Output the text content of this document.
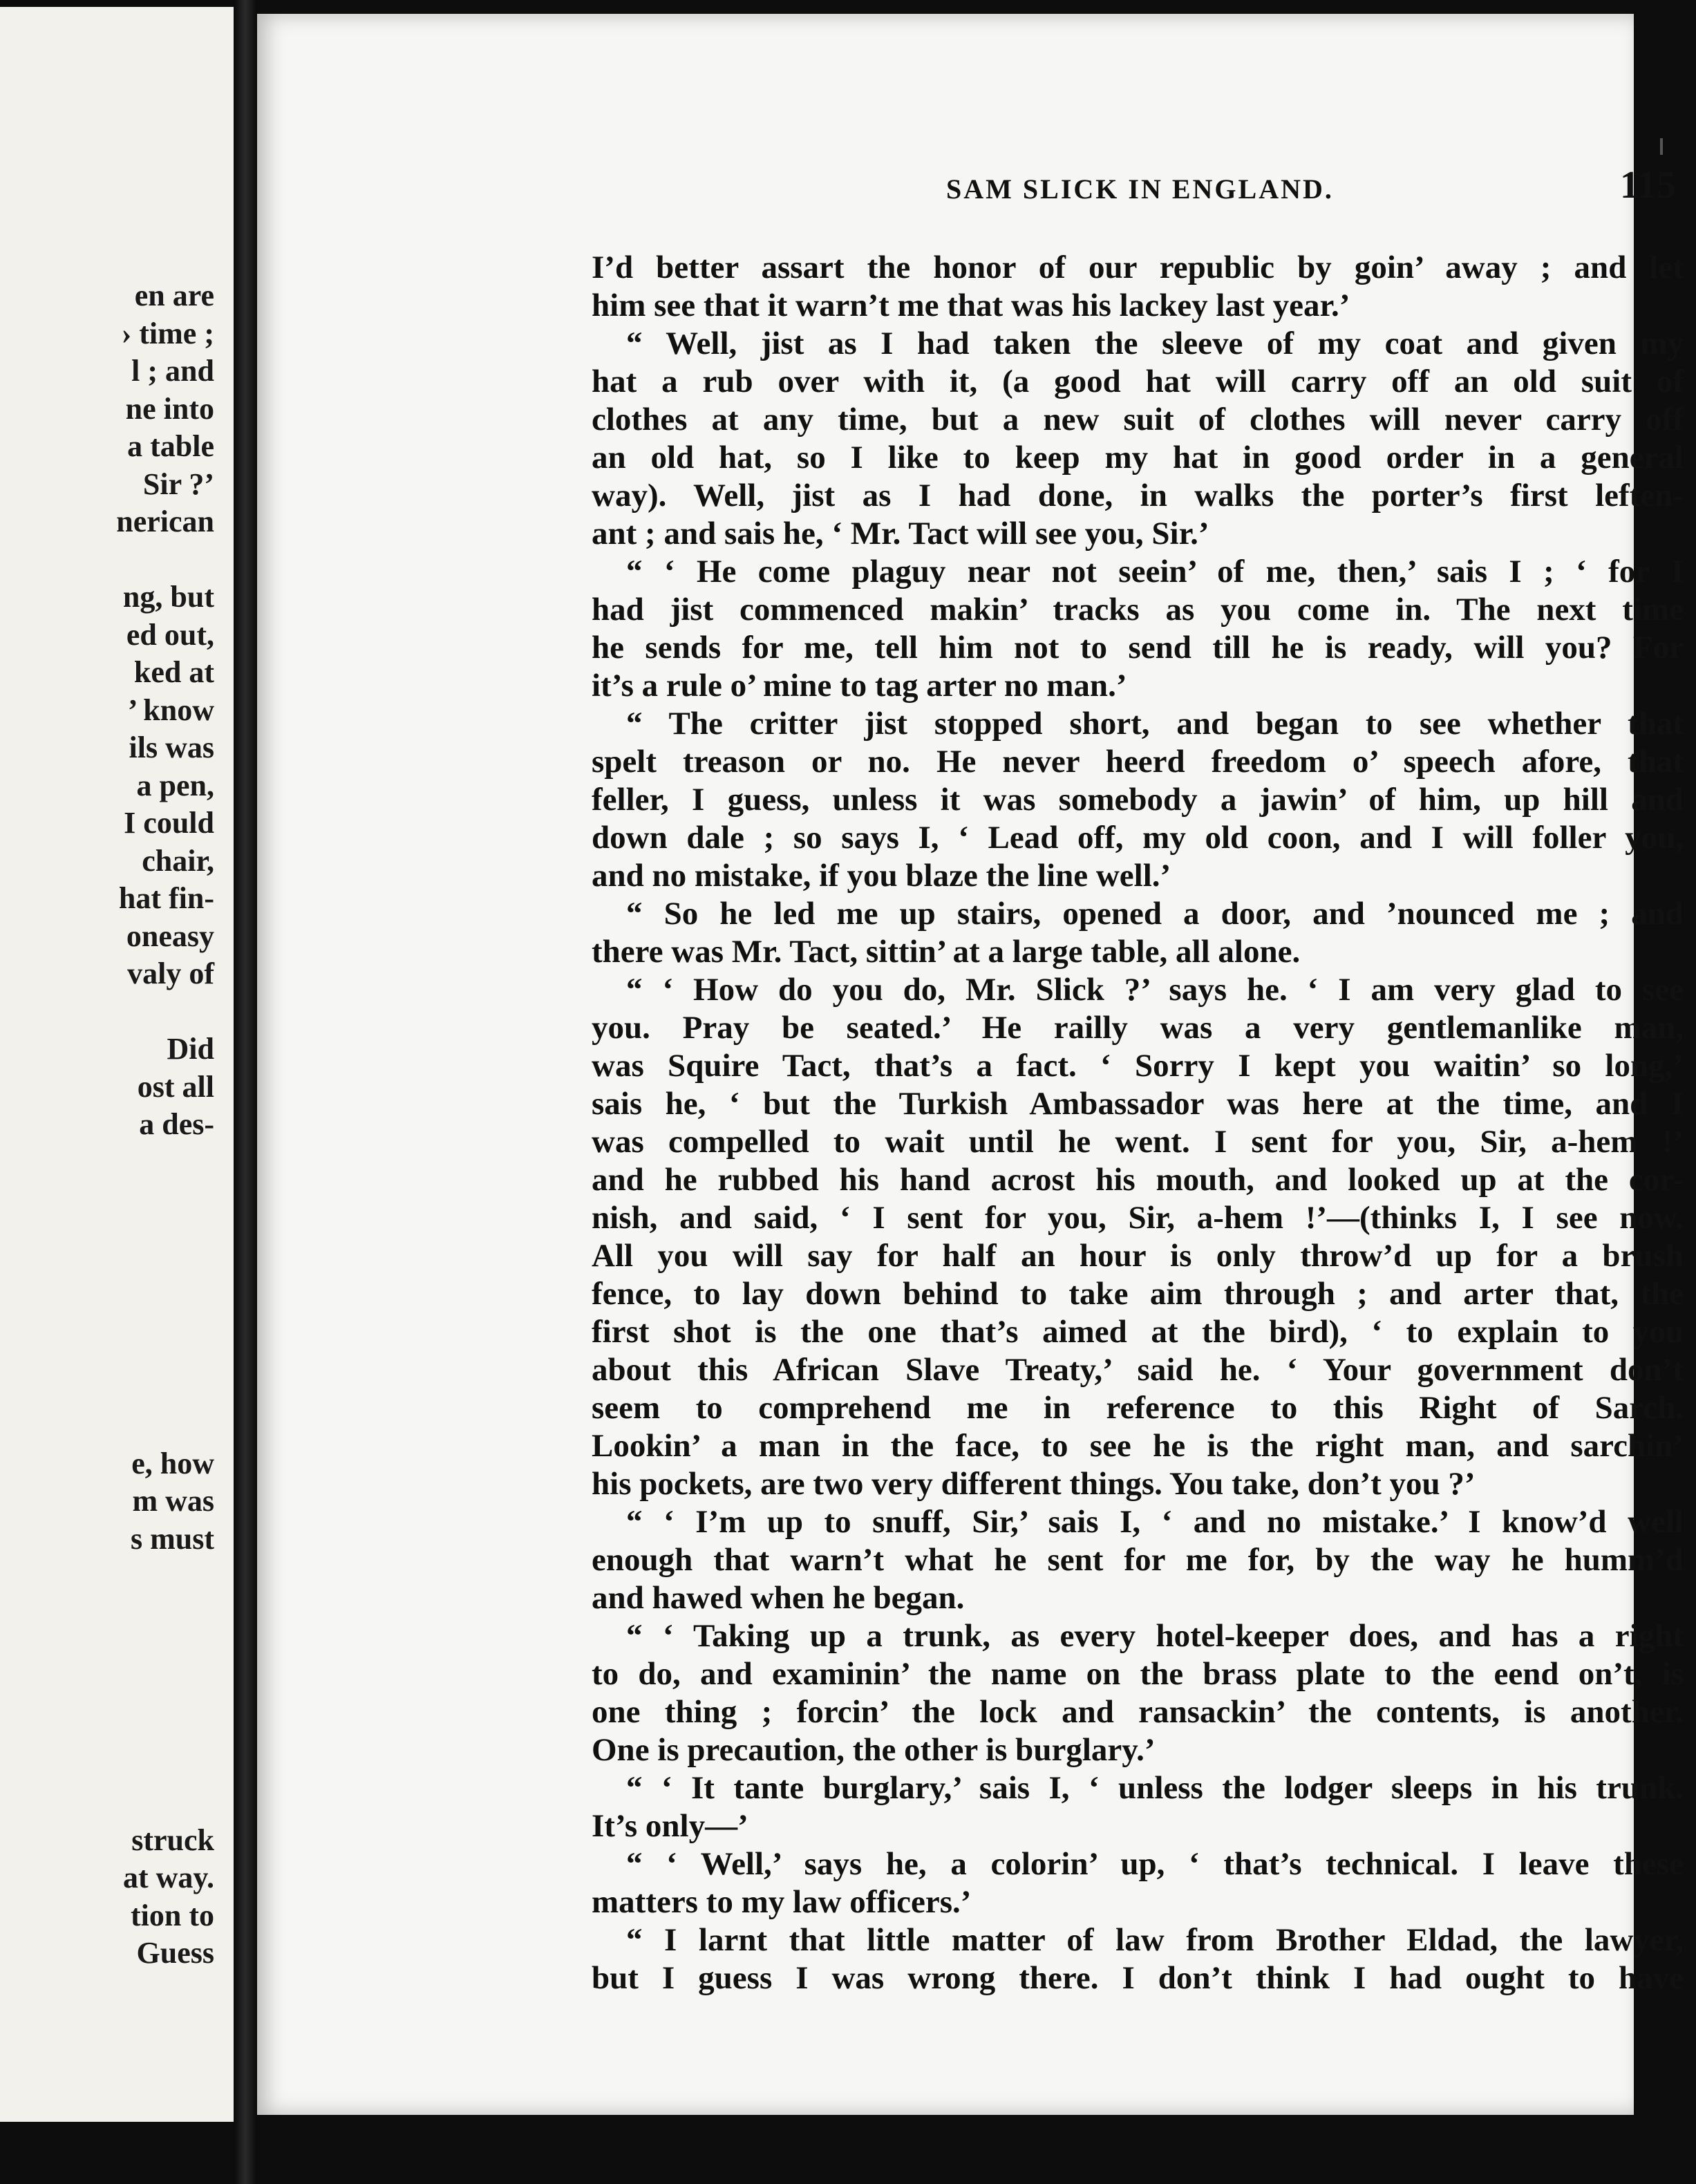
en are
› time ;
l ; and
ne into
a table
Sir ?’
nerican
ng, but
ed out,
ked at
’ know
ils was
a pen,
I could
chair,
hat fin-
oneasy
valy of
Did
ost all
a des-
e, how
m was
s must
struck
at way.
tion to
Guess
SAM SLICK IN ENGLAND.	115
I’d better assart the honor of our republic by goin’ away ; and let
him see that it warn’t me that was his lackey last year.’
“ Well, jist as I had taken the sleeve of my coat and given my
hat a rub over with it, (a good hat will carry off an old suit of
clothes at any time, but a new suit of clothes will never carry off
an old hat, so I like to keep my hat in good order in a general
way). Well, jist as I had done, in walks the porter’s first leften-
ant ; and sais he, ‘ Mr. Tact will see you, Sir.’
“ ‘ He come plaguy near not seein’ of me, then,’ sais I ; ‘ for I
had jist commenced makin’ tracks as you come in. The next time
he sends for me, tell him not to send till he is ready, will you? For
it’s a rule o’ mine to tag arter no man.’
“ The critter jist stopped short, and began to see whether that
spelt treason or no. He never heerd freedom o’ speech afore, that
feller, I guess, unless it was somebody a jawin’ of him, up hill and
down dale ; so says I, ‘ Lead off, my old coon, and I will foller you,
and no mistake, if you blaze the line well.’
“ So he led me up stairs, opened a door, and ’nounced me ; and
there was Mr. Tact, sittin’ at a large table, all alone.
“ ‘ How do you do, Mr. Slick ?’ says he. ‘ I am very glad to see
you. Pray be seated.’ He railly was a very gentlemanlike man,
was Squire Tact, that’s a fact. ‘ Sorry I kept you waitin’ so long,’
sais he, ‘ but the Turkish Ambassador was here at the time, and I
was compelled to wait until he went. I sent for you, Sir, a-hem !’
and he rubbed his hand acrost his mouth, and looked up at the cor-
nish, and said, ‘ I sent for you, Sir, a-hem !’—(thinks I, I see now.
All you will say for half an hour is only throw’d up for a brush
fence, to lay down behind to take aim through ; and arter that, the
first shot is the one that’s aimed at the bird), ‘ to explain to you
about this African Slave Treaty,’ said he. ‘ Your government don’t
seem to comprehend me in reference to this Right of Sarch.
Lookin’ a man in the face, to see he is the right man, and sarchin’
his pockets, are two very different things. You take, don’t you ?’
“ ‘ I’m up to snuff, Sir,’ sais I, ‘ and no mistake.’ I know’d well
enough that warn’t what he sent for me for, by the way he humm’d
and hawed when he began.
“ ‘ Taking up a trunk, as every hotel-keeper does, and has a right
to do, and examinin’ the name on the brass plate to the eend on’t, is
one thing ; forcin’ the lock and ransackin’ the contents, is another.
One is precaution, the other is burglary.’
“ ‘ It tante burglary,’ sais I, ‘ unless the lodger sleeps in his trunk.
It’s only—’
“ ‘ Well,’ says he, a colorin’ up, ‘ that’s technical. I leave these
matters to my law officers.’
“ I larnt that little matter of law from Brother Eldad, the lawyer,
but I guess I was wrong there. I don’t think I had ought to have
